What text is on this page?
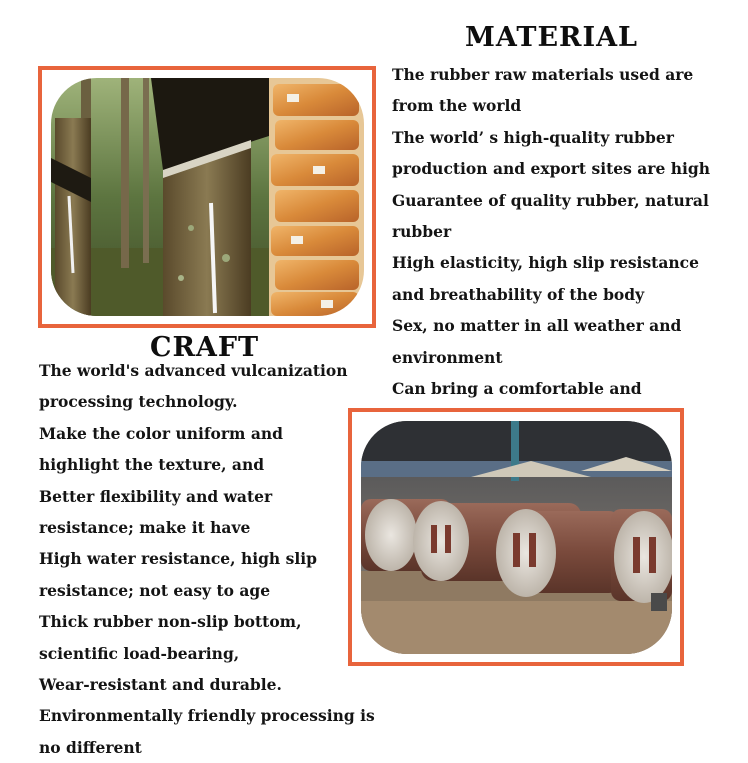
MATERIAL
The rubber raw materials used are
from the world
The world’ s high-quality rubber
production and export sites are high
Guarantee of quality rubber, natural
rubber
High elasticity, high slip resistance
and breathability of the body
Sex, no matter in all weather and
environment
Can bring a comfortable and
CRAFT
The world's advanced vulcanization
processing technology.
Make the color uniform and
highlight the texture, and
Better flexibility and water
resistance; make it have
High water resistance, high slip
resistance; not easy to age
Thick rubber non-slip bottom,
scientific load-bearing,
Wear-resistant and durable.
Environmentally friendly processing is
no different
